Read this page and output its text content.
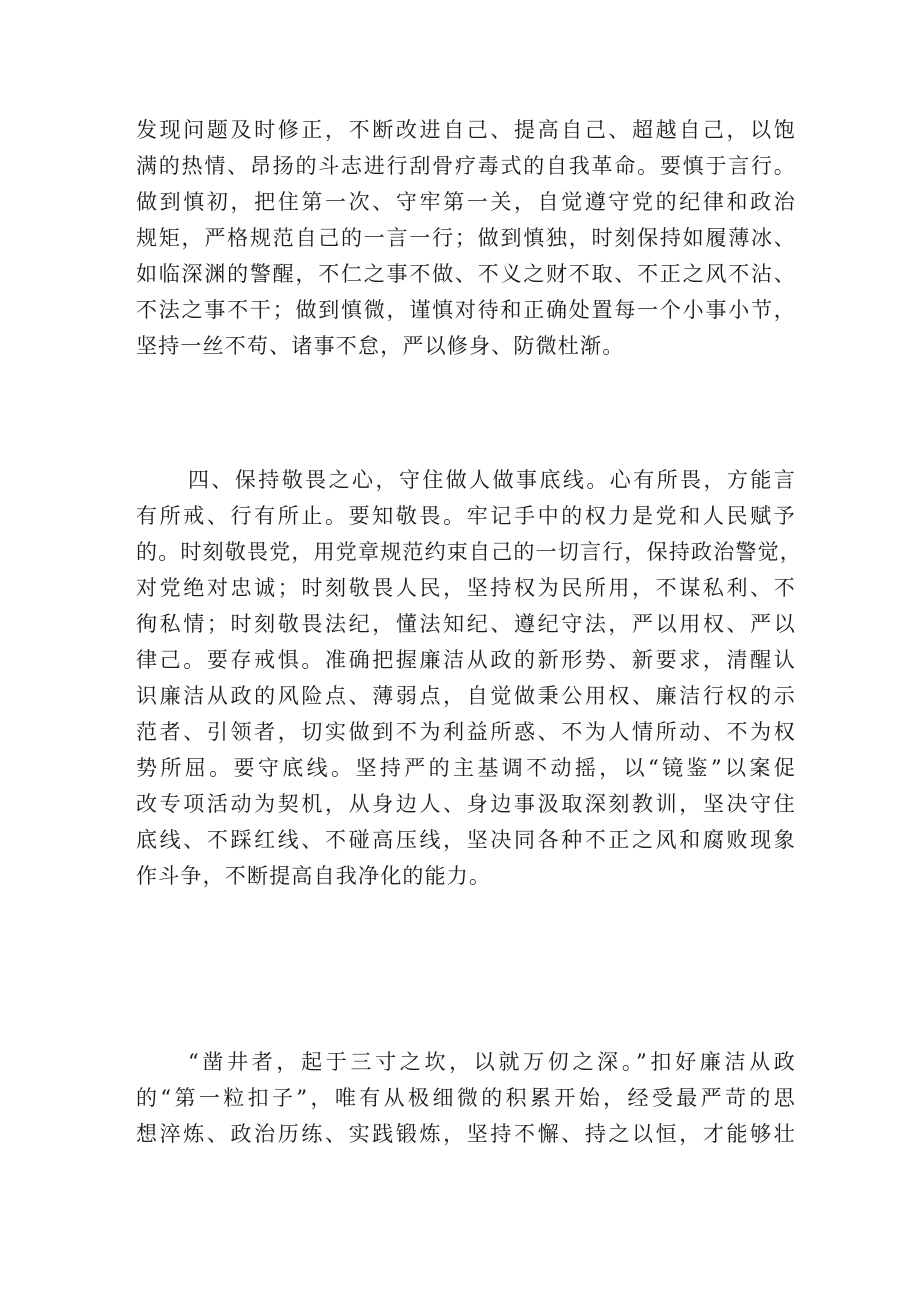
发现问题及时修正，不断改进自己、提高自己、超越自己，以饱
满的热情、昂扬的斗志进行刮骨疗毒式的自我革命。要慎于言行。
做到慎初，把住第一次、守牢第一关，自觉遵守党的纪律和政治
规矩，严格规范自己的一言一行；做到慎独，时刻保持如履薄冰、
如临深渊的警醒，不仁之事不做、不义之财不取、不正之风不沾、
不法之事不干；做到慎微，谨慎对待和正确处置每一个小事小节，
坚持一丝不苟、诸事不怠，严以修身、防微杜渐。
四、保持敬畏之心，守住做人做事底线。心有所畏，方能言
有所戒、行有所止。要知敬畏。牢记手中的权力是党和人民赋予
的。时刻敬畏党，用党章规范约束自己的一切言行，保持政治警觉，
对党绝对忠诚；时刻敬畏人民，坚持权为民所用，不谋私利、不
徇私情；时刻敬畏法纪，懂法知纪、遵纪守法，严以用权、严以
律己。要存戒惧。准确把握廉洁从政的新形势、新要求，清醒认
识廉洁从政的风险点、薄弱点，自觉做秉公用权、廉洁行权的示
范者、引领者，切实做到不为利益所惑、不为人情所动、不为权
势所屈。要守底线。坚持严的主基调不动摇，以“镜鉴”以案促
改专项活动为契机，从身边人、身边事汲取深刻教训，坚决守住
底线、不踩红线、不碰高压线，坚决同各种不正之风和腐败现象
作斗争，不断提高自我净化的能力。
“凿井者，起于三寸之坎，以就万仞之深。”扣好廉洁从政
的“第一粒扣子”，唯有从极细微的积累开始，经受最严苛的思
想淬炼、政治历练、实践锻炼，坚持不懈、持之以恒，才能够壮
